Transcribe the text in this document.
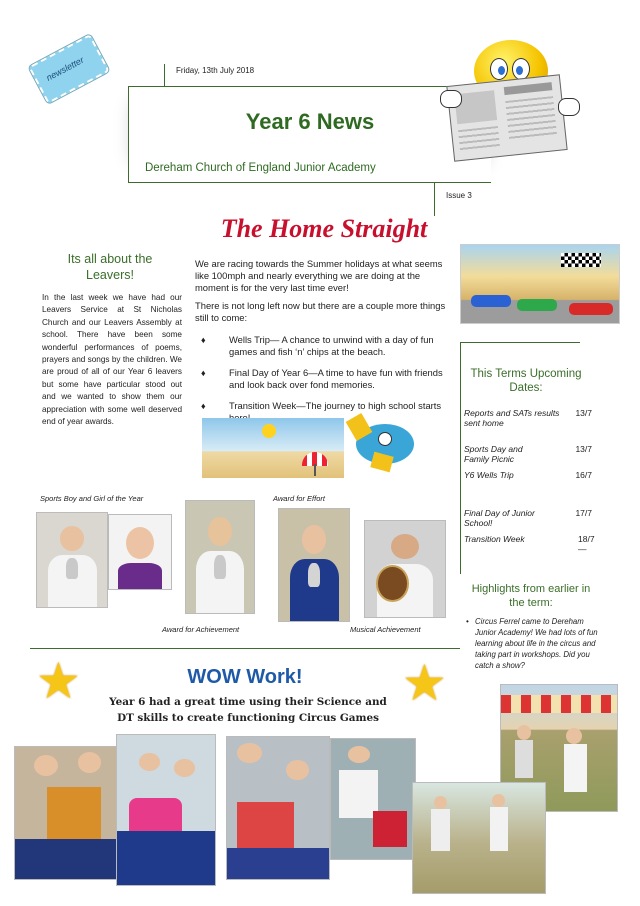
newsletter	Friday, 13th July 2018
Year 6 News
Dereham Church of England Junior Academy
Issue 3
The Home Straight
Its all about the Leavers!
In the last week we have had our Leavers Service at St Nicholas Church and our Leavers Assembly at school. There have been some wonderful performances of poems, prayers and songs by the children. We are proud of all of our Year 6 leavers but some have particular stood out and we wanted to show them our appreciation with some well deserved end of year awards.

We are racing towards the Summer holidays at what seems like 100mph and nearly everything we are doing at the moment is for the very last time ever!

There is not long left now but there are a couple more things still to come:

♦ Wells Trip— A chance to unwind with a day of fun games and fish ‘n’ chips at the beach.
♦ Final Day of Year 6—A time to have fun with friends and look back over fond memories.
♦ Transition Week—The journey to high school starts
Sports Boy and Girl of the Year	Award for Effort
Award for Achievement	Musical Achievement
This Terms Upcoming Dates:
Reports and SATs results sent home
13/7
Sports Day and Family Picnic
13/7
Y6 Wells Trip	16/7
Final Day of Junior School!
17/7
Transition Week	18/7 —
Highlights from earlier in the term:
• Circus Ferrel came to Dereham Junior Academy! We had lots of fun learning about life in the circus and taking part in workshops. Did you catch a show?
★	★
WOW Work!
Year 6 had a great time using their Science and
DT skills to create functioning Circus Games
